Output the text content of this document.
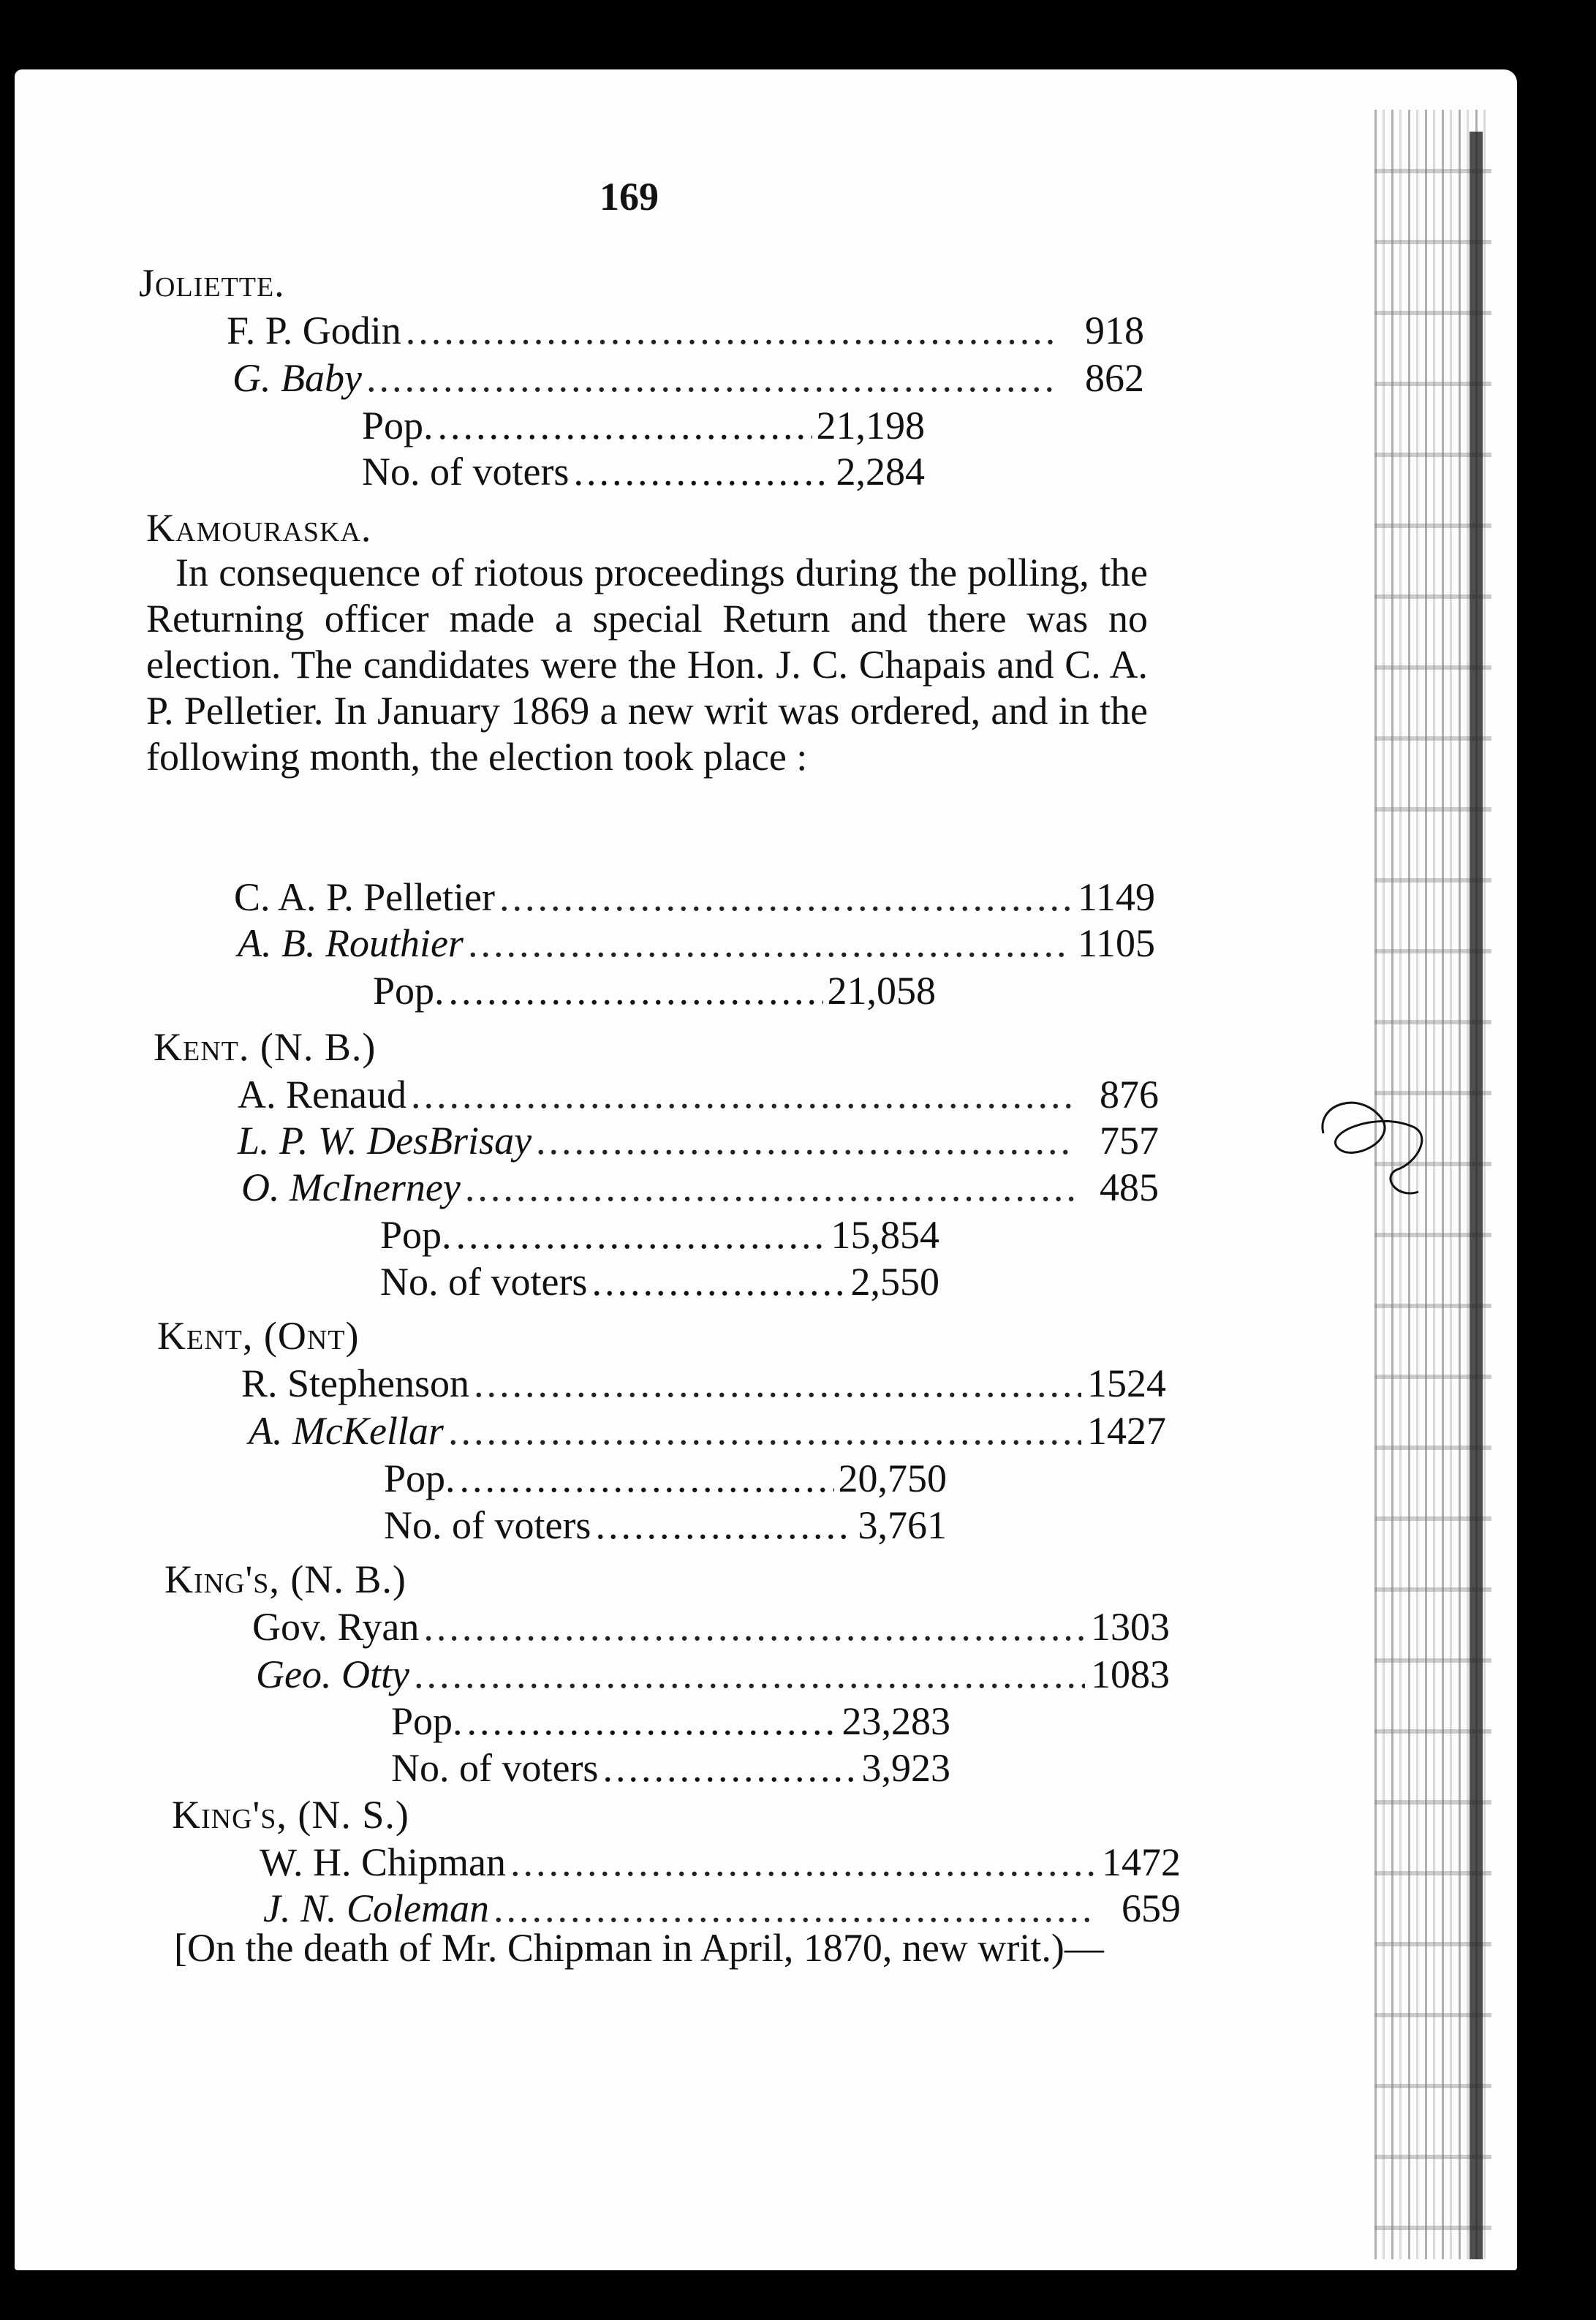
169
Joliette.
F. P. Godin .....	918
G. Baby .....	862
Pop. .....	21,198
No. of voters .....	2,284
Kamouraska.
In consequence of riotous proceedings during the polling, the Returning officer made a special Return and there was no election. The candidates were the Hon. J. C. Chapais and C. A. P. Pelletier. In January 1869 a new writ was ordered, and in the following month, the election took place :
C. A. P. Pelletier .....	1149
A. B. Routhier .....	1105
Pop. .....	21,058
Kent. (N. B.)
A. Renaud .....	876
L. P. W. DesBrisay .....	757
O. McInerney .....	485
Pop. .....	15,854
No. of voters .....	2,550
Kent, (Ont)
R. Stephenson .....	1524
A. McKellar .....	1427
Pop. .....	20,750
No. of voters .....	3,761
King's, (N. B.)
Gov. Ryan .....	1303
Geo. Otty .....	1083
Pop. .....	23,283
No. of voters .....	3,923
King's, (N. S.)
W. H. Chipman .....	1472
J. N. Coleman .....	659
[On the death of Mr. Chipman in April, 1870, new writ.)—
